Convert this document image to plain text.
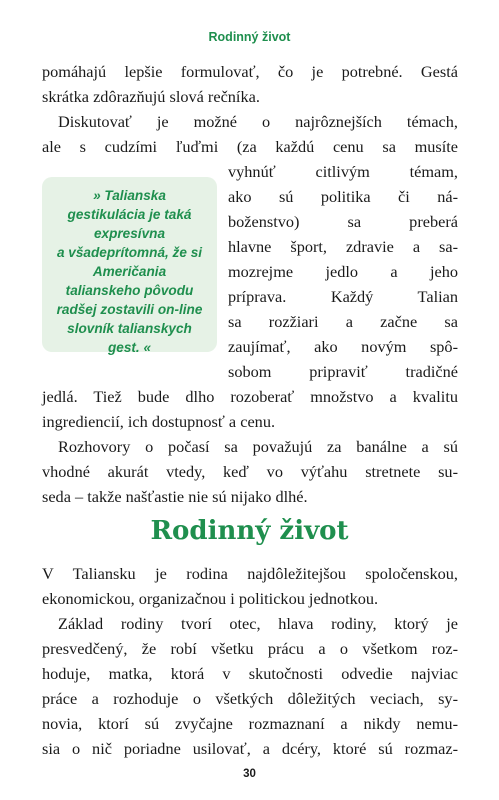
Rodinný život
pomáhajú lepšie formulovať, čo je potrebné. Gestá
skrátka zdôrazňujú slová rečníka.
Diskutovať je možné o najrôznejších témach,
ale s cudzími ľuďmi (za každú cenu sa musíte
vyhnúť citlivým témam,
ako sú politika či ná-
boženstvo) sa preberá
hlavne šport, zdravie a sa-
mozrejme jedlo a jeho
príprava. Každý Talian
sa rozžiari a začne sa
zaujímať, ako novým spô-
sobom pripraviť tradičné
jedlá. Tiež bude dlho rozoberať množstvo a kvalitu
ingrediencií, ich dostupnosť a cenu.
Rozhovory o počasí sa považujú za banálne a sú
vhodné akurát vtedy, keď vo výťahu stretnete su-
seda – takže našťastie nie sú nijako dlhé.
» Talianska
gestikulácia je taká
expresívna
a všadeprítomná, že si
Američania
talianskeho pôvodu
radšej zostavili on-line
slovník talianskych
gest. «
Rodinný život
V Taliansku je rodina najdôležitejšou spoločenskou,
ekonomickou, organizačnou i politickou jednotkou.
Základ rodiny tvorí otec, hlava rodiny, ktorý je
presvedčený, že robí všetku prácu a o všetkom roz-
hoduje, matka, ktorá v skutočnosti odvedie najviac
práce a rozhoduje o všetkých dôležitých veciach, sy-
novia, ktorí sú zvyčajne rozmaznaní a nikdy nemu-
sia o nič poriadne usilovať, a dcéry, ktoré sú rozmaz-
30
